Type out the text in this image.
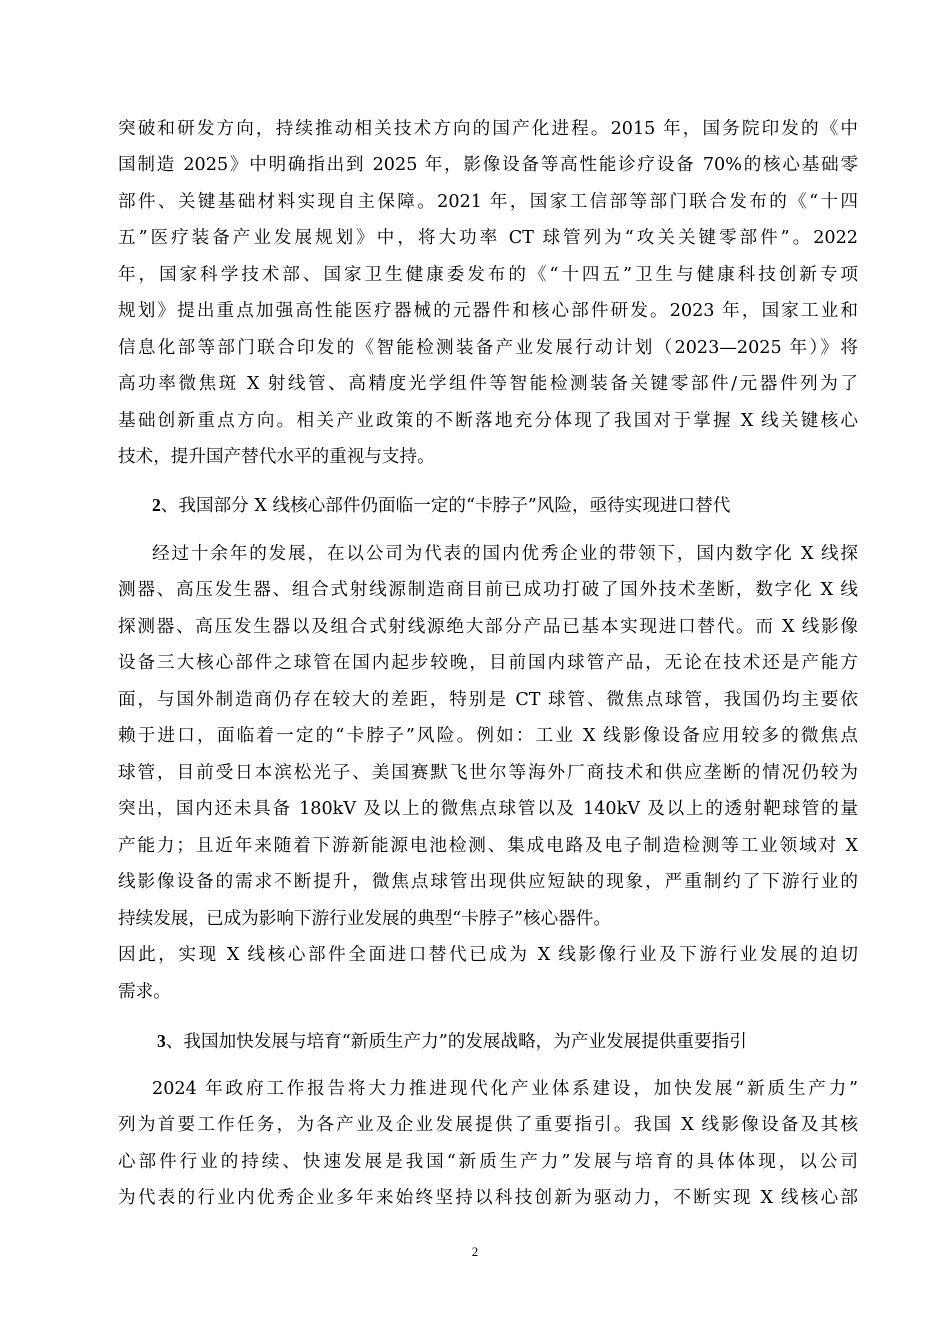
突破和研发方向，持续推动相关技术方向的国产化进程。2015 年，国务院印发的《中
国制造 2025》中明确指出到 2025 年，影像设备等高性能诊疗设备 70%的核心基础零
部件、关键基础材料实现自主保障。2021 年，国家工信部等部门联合发布的《“十四
五”医疗装备产业发展规划》中，将大功率 CT 球管列为“攻关关键零部件”。2022
年，国家科学技术部、国家卫生健康委发布的《“十四五”卫生与健康科技创新专项
规划》提出重点加强高性能医疗器械的元器件和核心部件研发。2023 年，国家工业和
信息化部等部门联合印发的《智能检测装备产业发展行动计划（2023—2025 年）》将
高功率微焦斑 X 射线管、高精度光学组件等智能检测装备关键零部件/元器件列为了
基础创新重点方向。相关产业政策的不断落地充分体现了我国对于掌握 X 线关键核心
技术，提升国产替代水平的重视与支持。
2、我国部分 X 线核心部件仍面临一定的“卡脖子”风险，亟待实现进口替代
经过十余年的发展，在以公司为代表的国内优秀企业的带领下，国内数字化 X 线探
测器、高压发生器、组合式射线源制造商目前已成功打破了国外技术垄断，数字化 X 线
探测器、高压发生器以及组合式射线源绝大部分产品已基本实现进口替代。而 X 线影像
设备三大核心部件之球管在国内起步较晚，目前国内球管产品，无论在技术还是产能方
面，与国外制造商仍存在较大的差距，特别是 CT 球管、微焦点球管，我国仍均主要依
赖于进口，面临着一定的“卡脖子”风险。例如：工业 X 线影像设备应用较多的微焦点
球管，目前受日本滨松光子、美国赛默飞世尔等海外厂商技术和供应垄断的情况仍较为
突出，国内还未具备 180kV 及以上的微焦点球管以及 140kV 及以上的透射靶球管的量
产能力；且近年来随着下游新能源电池检测、集成电路及电子制造检测等工业领域对 X
线影像设备的需求不断提升，微焦点球管出现供应短缺的现象，严重制约了下游行业的
持续发展，已成为影响下游行业发展的典型“卡脖子”核心器件。
因此，实现 X 线核心部件全面进口替代已成为 X 线影像行业及下游行业发展的迫切
需求。
3、我国加快发展与培育“新质生产力”的发展战略，为产业发展提供重要指引
2024 年政府工作报告将大力推进现代化产业体系建设，加快发展“新质生产力”
列为首要工作任务，为各产业及企业发展提供了重要指引。我国 X 线影像设备及其核
心部件行业的持续、快速发展是我国“新质生产力”发展与培育的具体体现，以公司
为代表的行业内优秀企业多年来始终坚持以科技创新为驱动力，不断实现 X 线核心部
2
